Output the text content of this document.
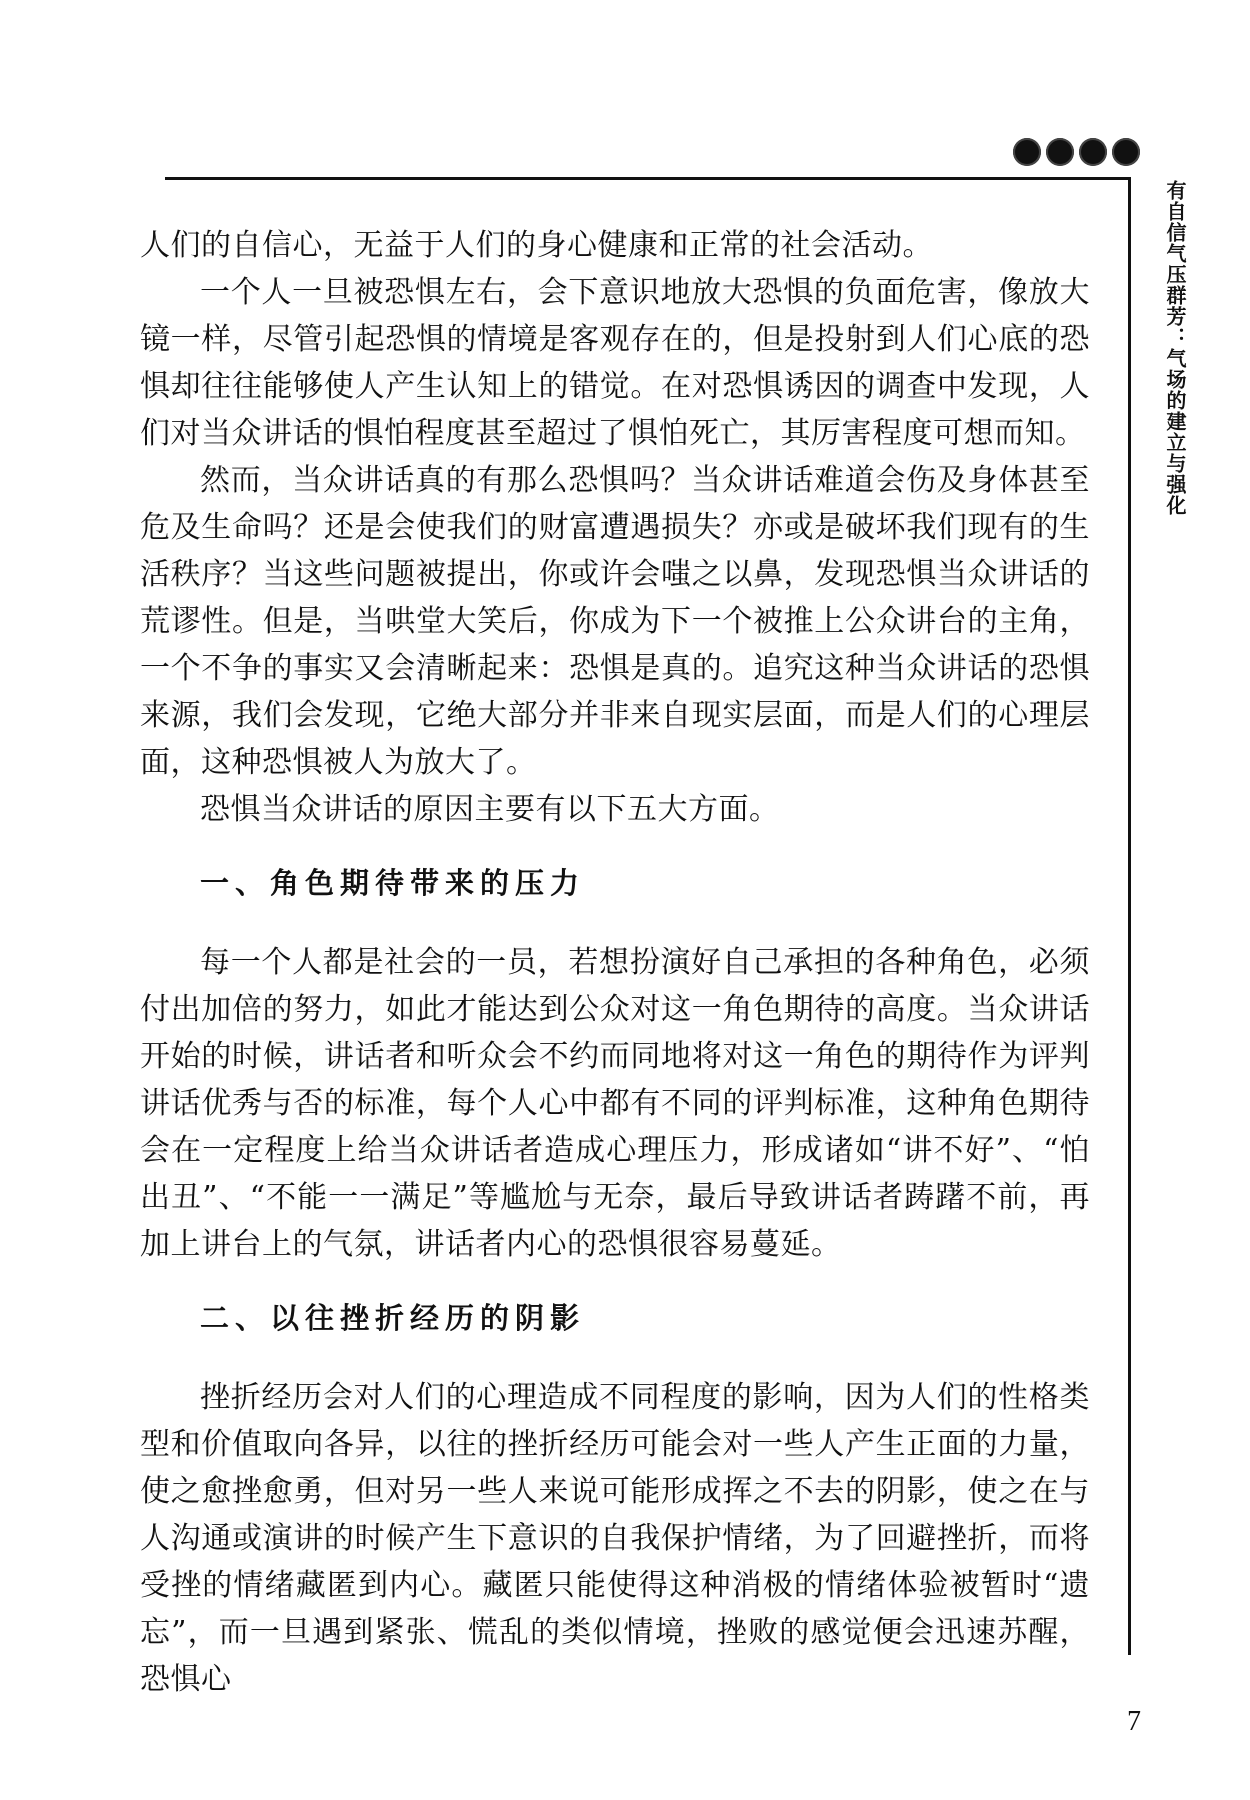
有自信气压群芳：气场的建立与强化

人们的自信心，无益于人们的身心健康和正常的社会活动。

一个人一旦被恐惧左右，会下意识地放大恐惧的负面危害，像放大镜一样，尽管引起恐惧的情境是客观存在的，但是投射到人们心底的恐惧却往往能够使人产生认知上的错觉。在对恐惧诱因的调查中发现，人们对当众讲话的惧怕程度甚至超过了惧怕死亡，其厉害程度可想而知。

然而，当众讲话真的有那么恐惧吗？当众讲话难道会伤及身体甚至危及生命吗？还是会使我们的财富遭遇损失？亦或是破坏我们现有的生活秩序？当这些问题被提出，你或许会嗤之以鼻，发现恐惧当众讲话的荒谬性。但是，当哄堂大笑后，你成为下一个被推上公众讲台的主角，一个不争的事实又会清晰起来：恐惧是真的。追究这种当众讲话的恐惧来源，我们会发现，它绝大部分并非来自现实层面，而是人们的心理层面，这种恐惧被人为放大了。

恐惧当众讲话的原因主要有以下五大方面。

一、角色期待带来的压力

每一个人都是社会的一员，若想扮演好自己承担的各种角色，必须付出加倍的努力，如此才能达到公众对这一角色期待的高度。当众讲话开始的时候，讲话者和听众会不约而同地将对这一角色的期待作为评判讲话优秀与否的标准，每个人心中都有不同的评判标准，这种角色期待会在一定程度上给当众讲话者造成心理压力，形成诸如“讲不好”、“怕出丑”、“不能一一满足”等尴尬与无奈，最后导致讲话者踌躇不前，再加上讲台上的气氛，讲话者内心的恐惧很容易蔓延。

二、以往挫折经历的阴影

挫折经历会对人们的心理造成不同程度的影响，因为人们的性格类型和价值取向各异，以往的挫折经历可能会对一些人产生正面的力量，使之愈挫愈勇，但对另一些人来说可能形成挥之不去的阴影，使之在与人沟通或演讲的时候产生下意识的自我保护情绪，为了回避挫折，而将受挫的情绪藏匿到内心。藏匿只能使得这种消极的情绪体验被暂时“遗忘”，而一旦遇到紧张、慌乱的类似情境，挫败的感觉便会迅速苏醒，恐惧心

7
